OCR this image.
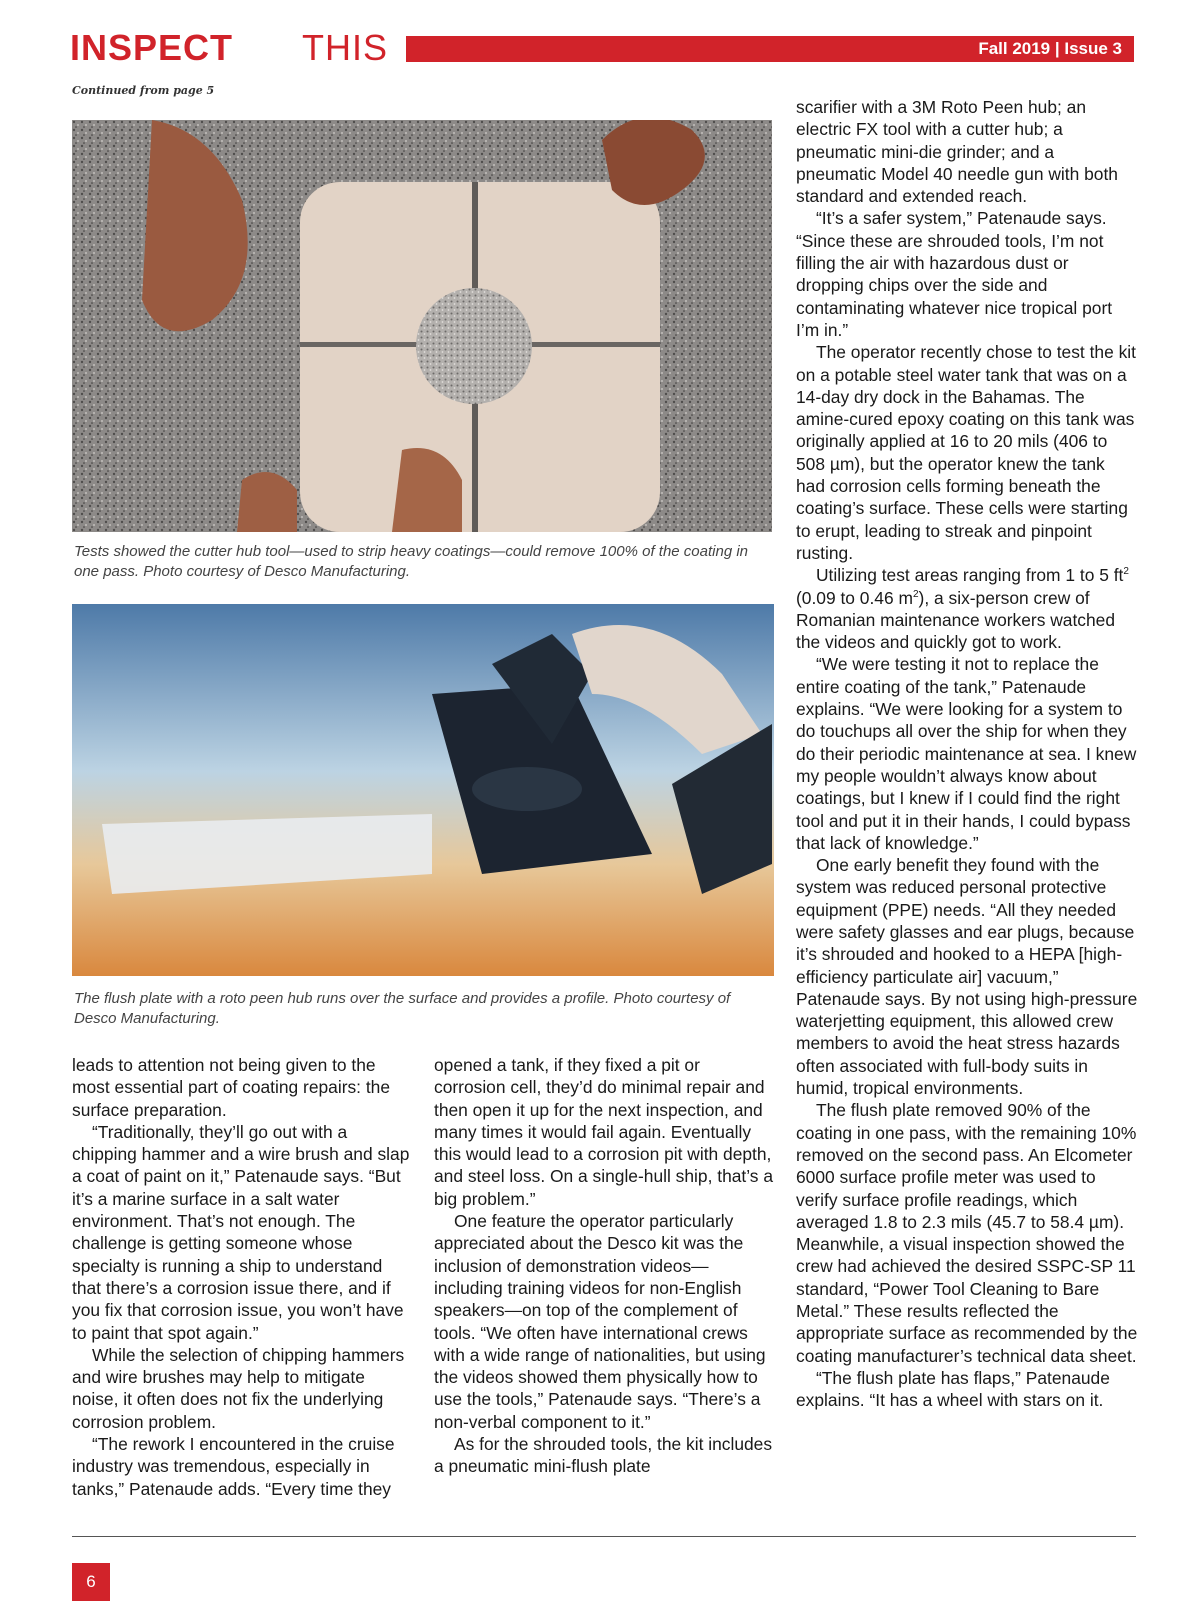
INSPECT THIS	Fall 2019 | Issue 3
Continued from page 5
Tests showed the cutter hub tool—used to strip heavy coatings—could remove 100% of the coating in one pass. Photo courtesy of Desco Manufacturing.
The flush plate with a roto peen hub runs over the surface and provides a profile. Photo courtesy of Desco Manufacturing.

leads to attention not being given to the most essential part of coating repairs: the surface preparation.

“Traditionally, they’ll go out with a chipping hammer and a wire brush and slap a coat of paint on it,” Patenaude says. “But it’s a marine surface in a salt water environment. That’s not enough. The challenge is getting someone whose specialty is running a ship to understand that there’s a corrosion issue there, and if you fix that corrosion issue, you won’t have to paint that spot again.”

While the selection of chipping hammers and wire brushes may help to mitigate noise, it often does not fix the underlying corrosion problem.

“The rework I encountered in the cruise industry was tremendous, especially in tanks,” Patenaude adds. “Every time they

opened a tank, if they fixed a pit or corrosion cell, they’d do minimal repair and then open it up for the next inspection, and many times it would fail again. Eventually this would lead to a corrosion pit with depth, and steel loss. On a single-hull ship, that’s a big problem.”

One feature the operator particularly appreciated about the Desco kit was the inclusion of demonstration videos—including training videos for non-English speakers—on top of the complement of tools. “We often have international crews with a wide range of nationalities, but using the videos showed them physically how to use the tools,” Patenaude says. “There’s a non-verbal component to it.”

As for the shrouded tools, the kit includes a pneumatic mini-flush plate

scarifier with a 3M Roto Peen hub; an electric FX tool with a cutter hub; a pneumatic mini-die grinder; and a pneumatic Model 40 needle gun with both standard and extended reach.

“It’s a safer system,” Patenaude says. “Since these are shrouded tools, I’m not filling the air with hazardous dust or dropping chips over the side and contaminating whatever nice tropical port I’m in.”

The operator recently chose to test the kit on a potable steel water tank that was on a 14-day dry dock in the Bahamas. The amine-cured epoxy coating on this tank was originally applied at 16 to 20 mils (406 to 508 µm), but the operator knew the tank had corrosion cells forming beneath the coating’s surface. These cells were starting to erupt, leading to streak and pinpoint rusting.

Utilizing test areas ranging from 1 to 5 $ft^2$ (0.09 to 0.46 $m^2$), a six-person crew of Romanian maintenance workers watched the videos and quickly got to work.

“We were testing it not to replace the entire coating of the tank,” Patenaude explains. “We were looking for a system to do touchups all over the ship for when they do their periodic maintenance at sea. I knew my people wouldn’t always know about coatings, but I knew if I could find the right tool and put it in their hands, I could bypass that lack of knowledge.”

One early benefit they found with the system was reduced personal protective equipment (PPE) needs. “All they needed were safety glasses and ear plugs, because it’s shrouded and hooked to a HEPA [high-efficiency particulate air] vacuum,” Patenaude says. By not using high-pressure waterjetting equipment, this allowed crew members to avoid the heat stress hazards often associated with full-body suits in humid, tropical environments.

The flush plate removed 90% of the coating in one pass, with the remaining 10% removed on the second pass. An Elcometer 6000 surface profile meter was used to verify surface profile readings, which averaged 1.8 to 2.3 mils (45.7 to 58.4 µm). Meanwhile, a visual inspection showed the crew had achieved the desired SSPC-SP 11 standard, “Power Tool Cleaning to Bare Metal.” These results reflected the appropriate surface as recommended by the coating manufacturer’s technical data sheet.

“The flush plate has flaps,” Patenaude explains. “It has a wheel with stars on it.

6
